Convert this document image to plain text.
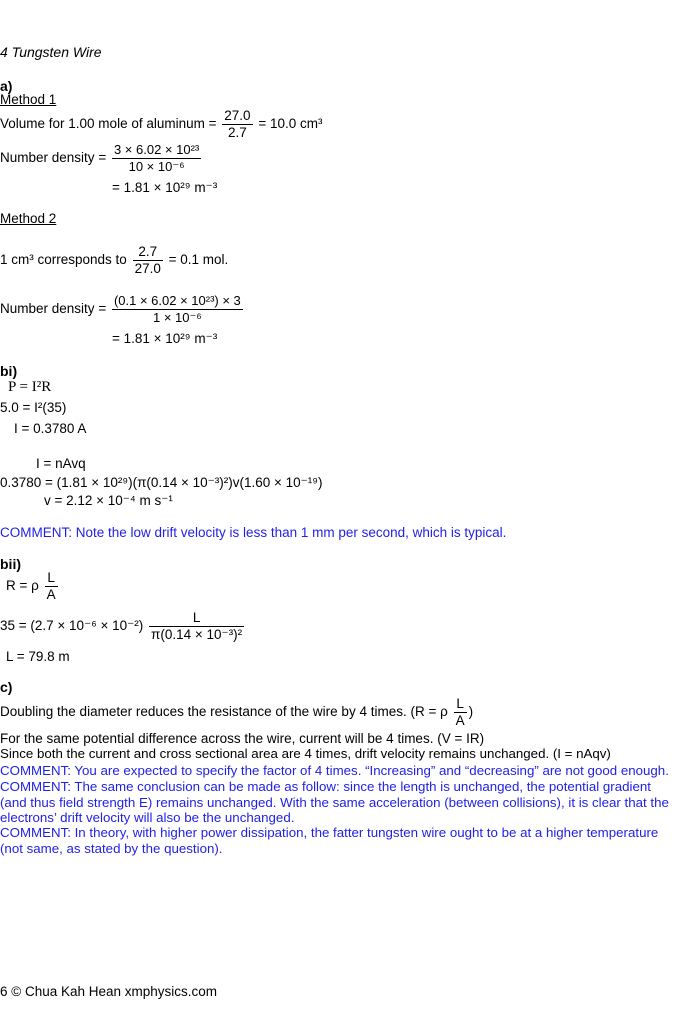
4 Tungsten Wire
a)
Method 1
Volume for 1.00 mole of aluminum = $\frac{27.0}{2.7} = 10.0$ cm³
Number density = $\frac{\text{3 × 6.02 × 10²³}}{\text{10 × 10⁻⁶}}$
= 1.81 × 10²⁹ m⁻³
Method 2
1 cm³ corresponds to $\frac{2.7}{27.0} = 0.1$ mol.
Number density = $\frac{\text{(0.1 × 6.02 × 10²³) × 3}}{\text{1 × 10⁻⁶}}$
= 1.81 × 10²⁹ m⁻³
bi)
P = I²R
5.0 = I²(35)
I = 0.3780 A
I = nAvq
0.3780 = (1.81 × 10²⁹)(π(0.14 × 10⁻³)²)v(1.60 × 10⁻¹⁹)
v = 2.12 × 10⁻⁴ m s⁻¹
COMMENT: Note the low drift velocity is less than 1 mm per second, which is typical.
bii)
R = ρ $\frac{L}{A}$
$35 = (2.7 \times 10^{-6} \times 10^{-2}) \frac{L}{\text{π(0.14 × 10⁻³)²}}$
L = 79.8 m
c)
Doubling the diameter reduces the resistance of the wire by 4 times. (R = ρ $\frac{L}{A}$ )
For the same potential difference across the wire, current will be 4 times. (V = IR)
Since both the current and cross sectional area are 4 times, drift velocity remains unchanged. (I = nAqv)
COMMENT: You are expected to specify the factor of 4 times. “Increasing” and “decreasing” are not good enough.
COMMENT: The same conclusion can be made as follow: since the length is unchanged, the potential gradient (and thus field strength E) remains unchanged. With the same acceleration (between collisions), it is clear that the electrons’ drift velocity will also be the unchanged.
COMMENT: In theory, with higher power dissipation, the fatter tungsten wire ought to be at a higher temperature (not same, as stated by the question).
6 © Chua Kah Hean xmphysics.com
